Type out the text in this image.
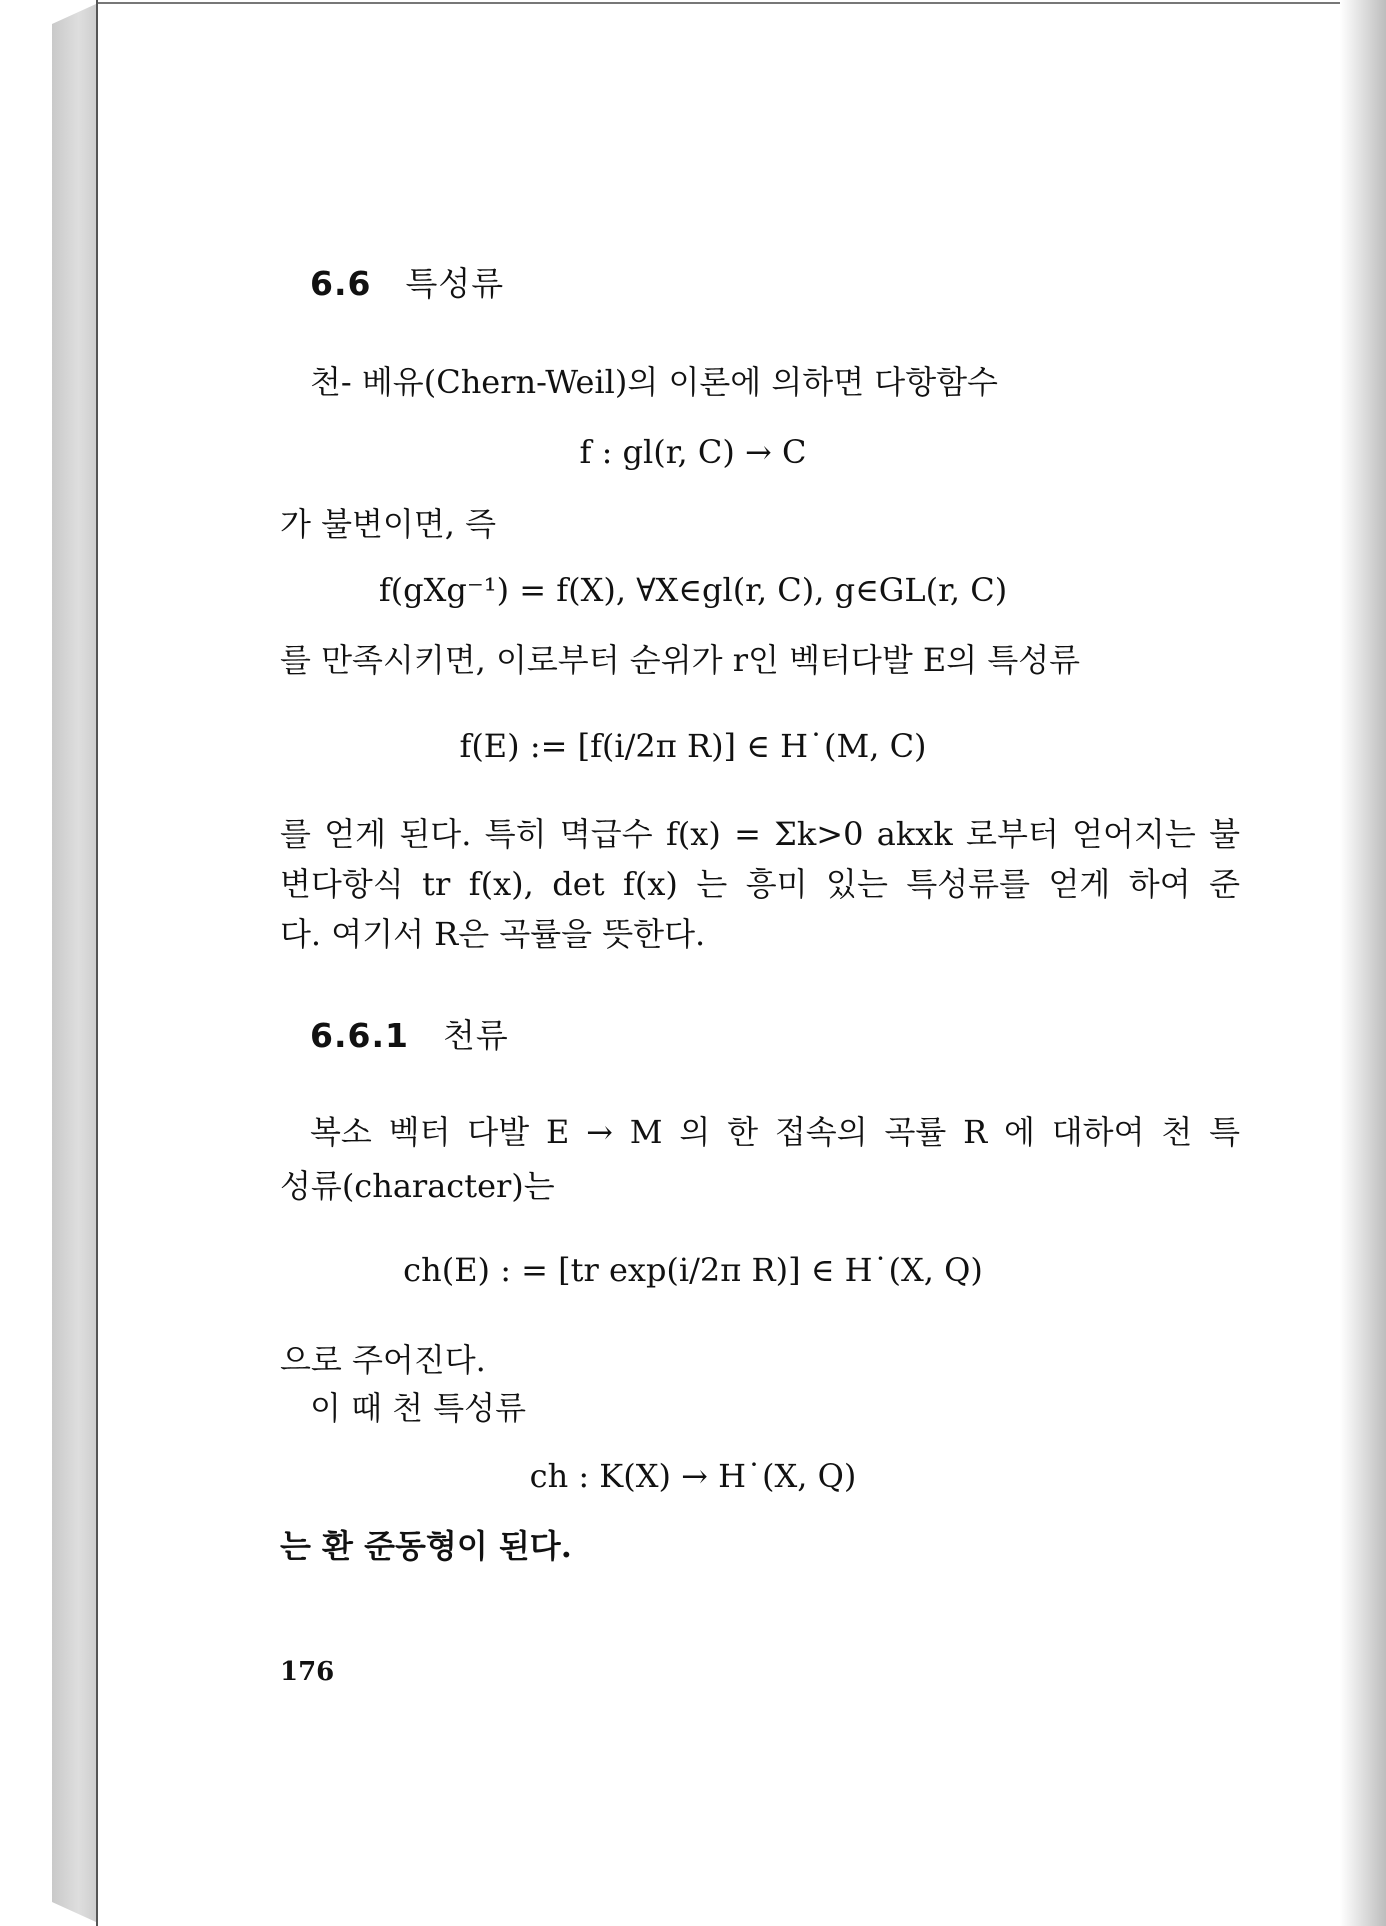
6.6 특성류
천- 베유(Chern-Weil)의 이론에 의하면 다항함수
f : gl(r, C) → C
가 불변이면, 즉
f(gXg⁻¹) = f(X), ∀X∈gl(r, C), g∈GL(r, C)
를 만족시키면, 이로부터 순위가 r인 벡터다발 E의 특성류
f(E) := [f(i/2π R)] ∈ H˙(M, C)
를 얻게 된다. 특히 멱급수 f(x) = Σk>0 akxk 로부터 얻어지는 불
변다항식 tr f(x), det f(x) 는 흥미 있는 특성류를 얻게 하여 준
다. 여기서 R은 곡률을 뜻한다.
6.6.1 천류
복소 벡터 다발 E → M 의 한 접속의 곡률 R 에 대하여 천 특
성류(character)는
ch(E) : = [tr exp(i/2π R)] ∈ H˙(X, Q)
으로 주어진다.
이 때 천 특성류
ch : K(X) → H˙(X, Q)
는 환 준동형이 된다.
176
